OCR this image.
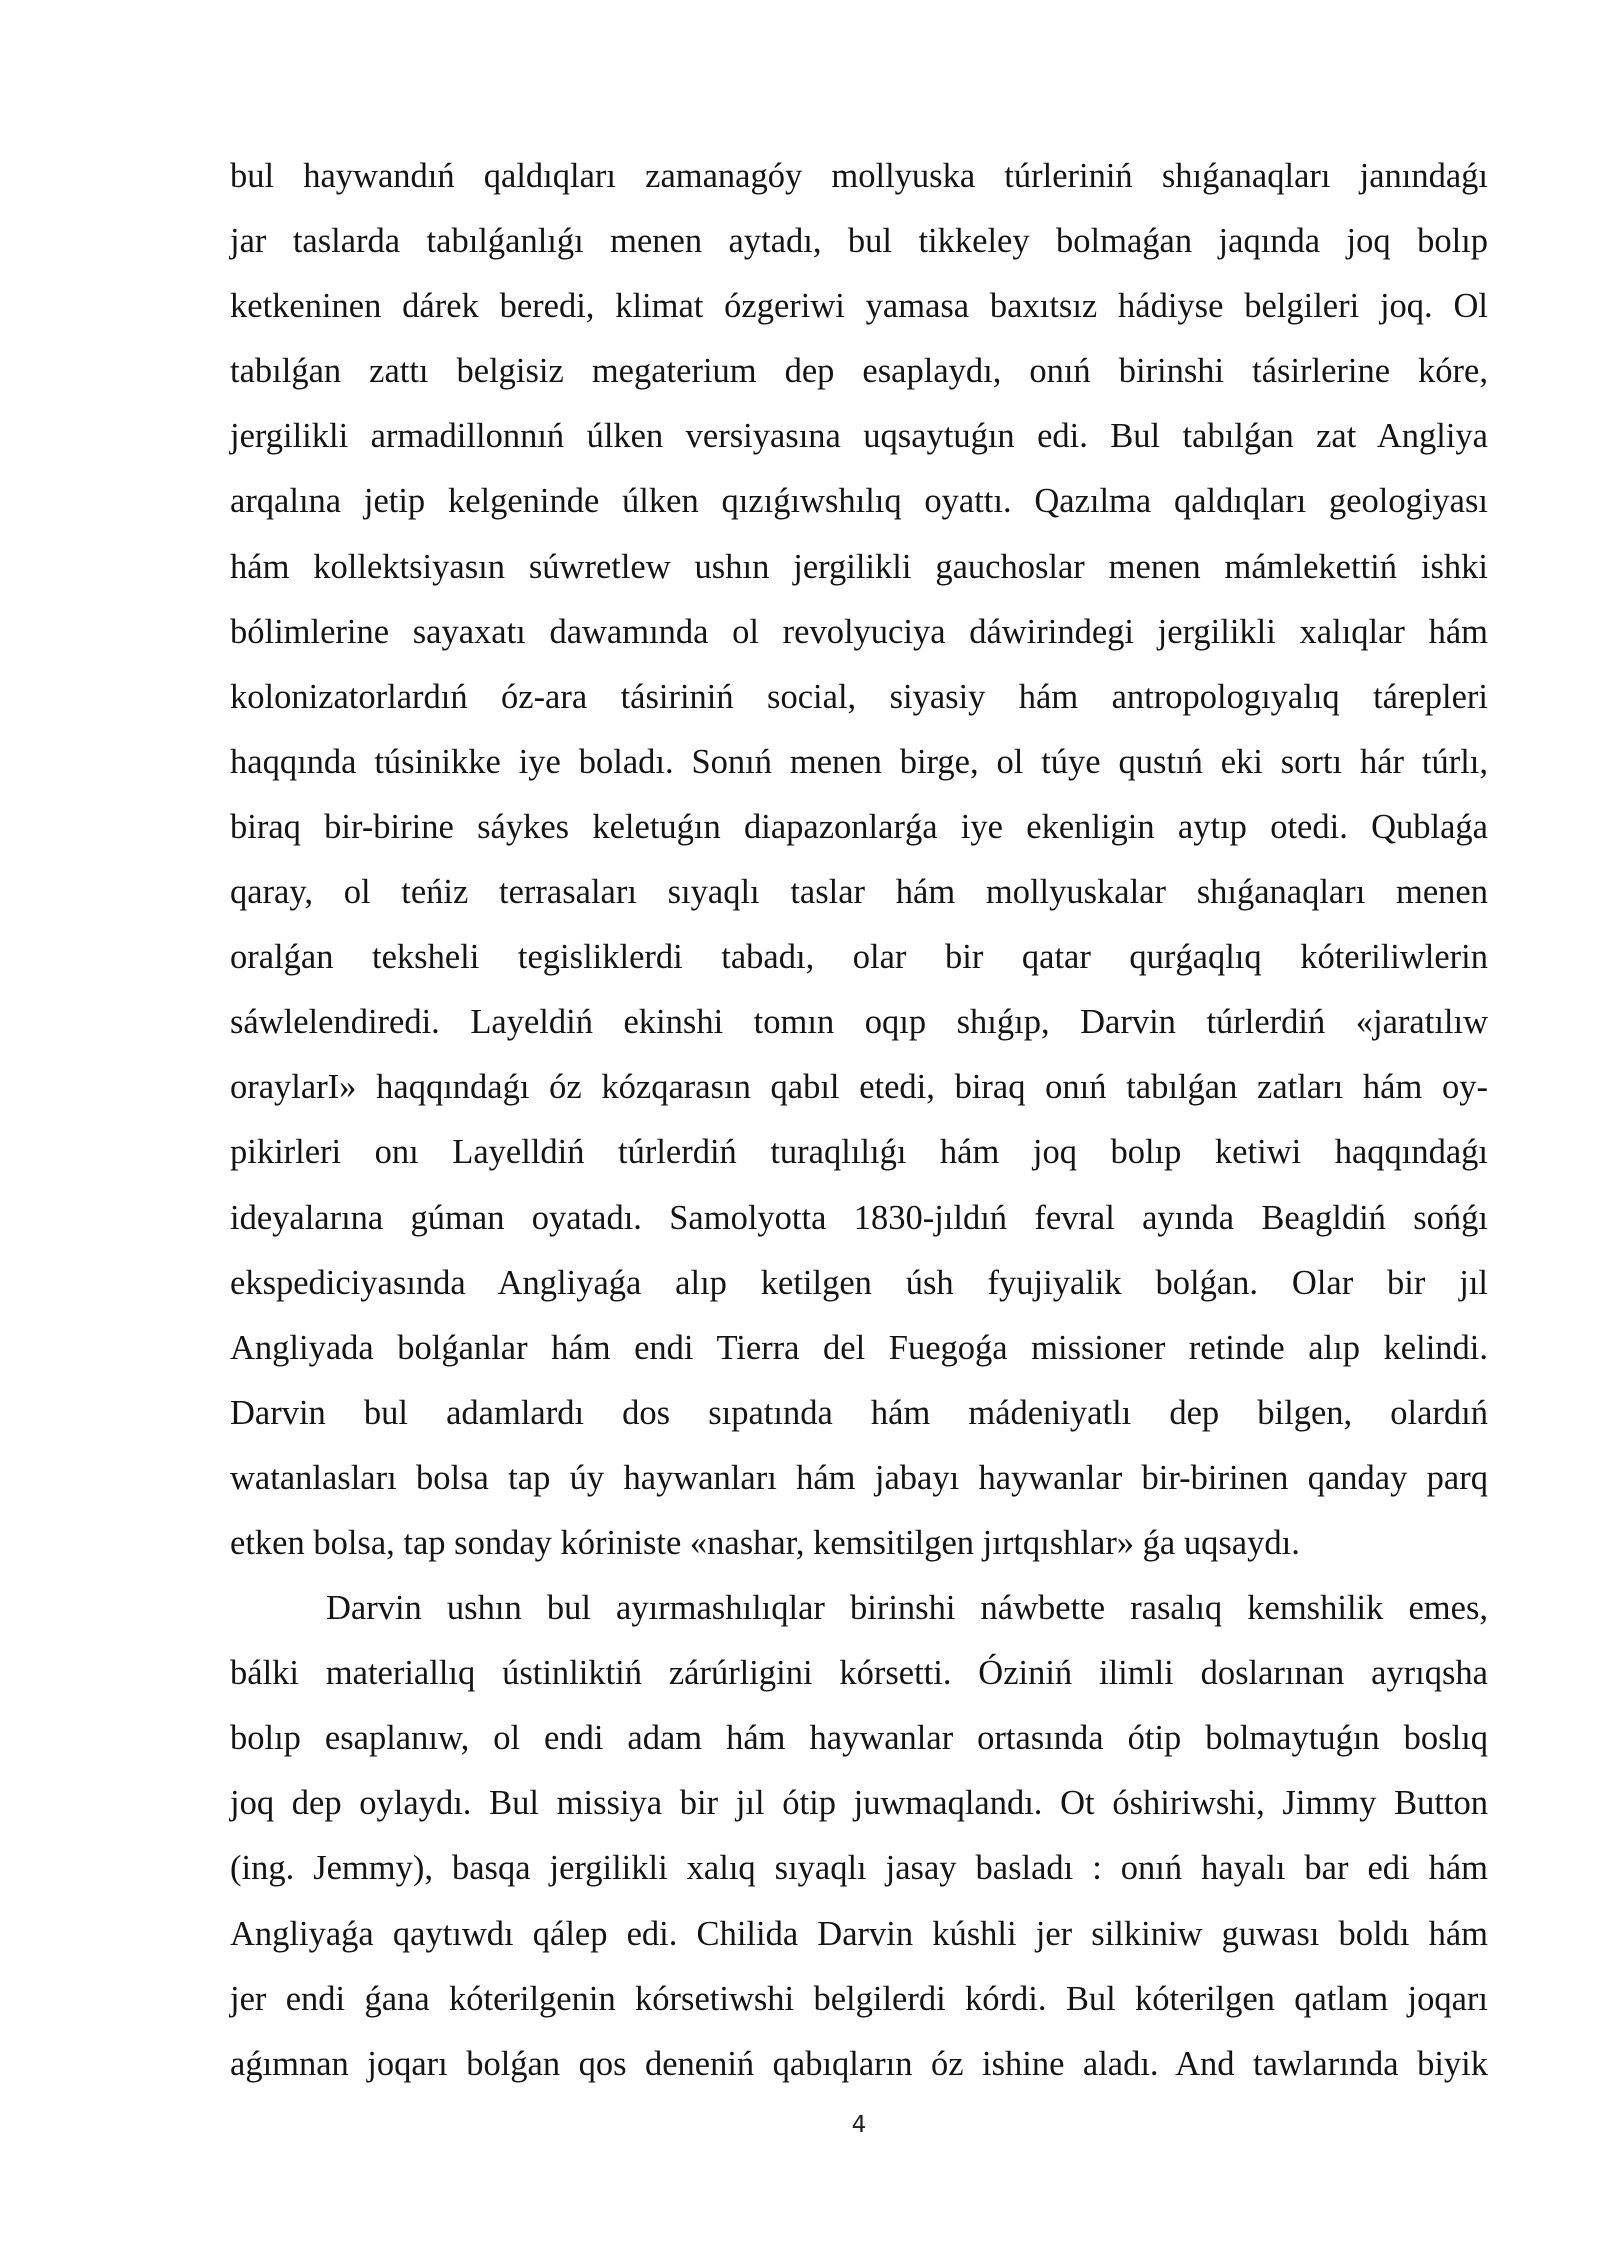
bul haywandıń qaldıqları zamanagóy mollyuska túrleriniń shıǵanaqları janındaǵı
jar taslarda tabılǵanlıǵı menen aytadı, bul tikkeley bolmaǵan jaqında joq bolıp
ketkeninen dárek beredi, klimat ózgeriwi yamasa baxıtsız hádiyse belgileri joq. Ol
tabılǵan zattı belgisiz megaterium dep esaplaydı, onıń birinshi tásirlerine kóre,
jergilikli armadillonnıń úlken versiyasına uqsaytuǵın edi. Bul tabılǵan zat Angliya
arqalına jetip kelgeninde úlken qızıǵıwshılıq oyattı. Qazılma qaldıqları geologiyası
hám kollektsiyasın súwretlew ushın jergilikli gauchoslar menen mámlekettiń ishki
bólimlerine sayaxatı dawamında ol revolyuciya dáwirindegi jergilikli xalıqlar hám
kolonizatorlardıń óz-ara tásiriniń social, siyasiy hám antropologıyalıq tárepleri
haqqında túsinikke iye boladı. Sonıń menen birge, ol túye qustıń eki sortı hár túrlı,
biraq bir-birine sáykes keletuǵın diapazonlarǵa iye ekenligin aytıp otedi. Qublaǵa
qaray, ol teńiz terrasaları sıyaqlı taslar hám mollyuskalar shıǵanaqları menen
oralǵan teksheli tegisliklerdi tabadı, olar bir qatar qurǵaqlıq kóteriliwlerin
sáwlelendiredi. Layeldiń ekinshi tomın oqıp shıǵıp, Darvin túrlerdiń «jaratılıw
oraylarI» haqqındaǵı óz kózqarasın qabıl etedi, biraq onıń tabılǵan zatları hám oy-
pikirleri onı Layelldiń túrlerdiń turaqlılıǵı hám joq bolıp ketiwi haqqındaǵı
ideyalarına gúman oyatadı. Samolyotta 1830-jıldıń fevral ayında Beagldiń sońǵı
ekspediciyasında Angliyaǵa alıp ketilgen úsh fyujiyalik bolǵan. Olar bir jıl
Angliyada bolǵanlar hám endi Tierra del Fuegoǵa missioner retinde alıp kelindi.
Darvin bul adamlardı dos sıpatında hám mádeniyatlı dep bilgen, olardıń
watanlasları bolsa tap úy haywanları hám jabayı haywanlar bir-birinen qanday parq
etken bolsa, tap sonday kóriniste «nashar, kemsitilgen jırtqıshlar» ǵa uqsaydı.

Darvin ushın bul ayırmashılıqlar birinshi náwbette rasalıq kemshilik emes,
bálki materiallıq ústinliktiń zárúrligini kórsetti. Óziniń ilimli doslarınan ayrıqsha
bolıp esaplanıw, ol endi adam hám haywanlar ortasında ótip bolmaytuǵın boslıq
joq dep oylaydı. Bul missiya bir jıl ótip juwmaqlandı. Ot óshiriwshi, Jimmy Button
(ing. Jemmy), basqa jergilikli xalıq sıyaqlı jasay basladı : onıń hayalı bar edi hám
Angliyaǵa qaytıwdı qálep edi. Chilida Darvin kúshli jer silkiniw guwası boldı hám
jer endi ǵana kóterilgenin kórsetiwshi belgilerdi kórdi. Bul kóterilgen qatlam joqarı
aǵımnan joqarı bolǵan qos deneniń qabıqların óz ishine aladı. And tawlarında biyik

4
